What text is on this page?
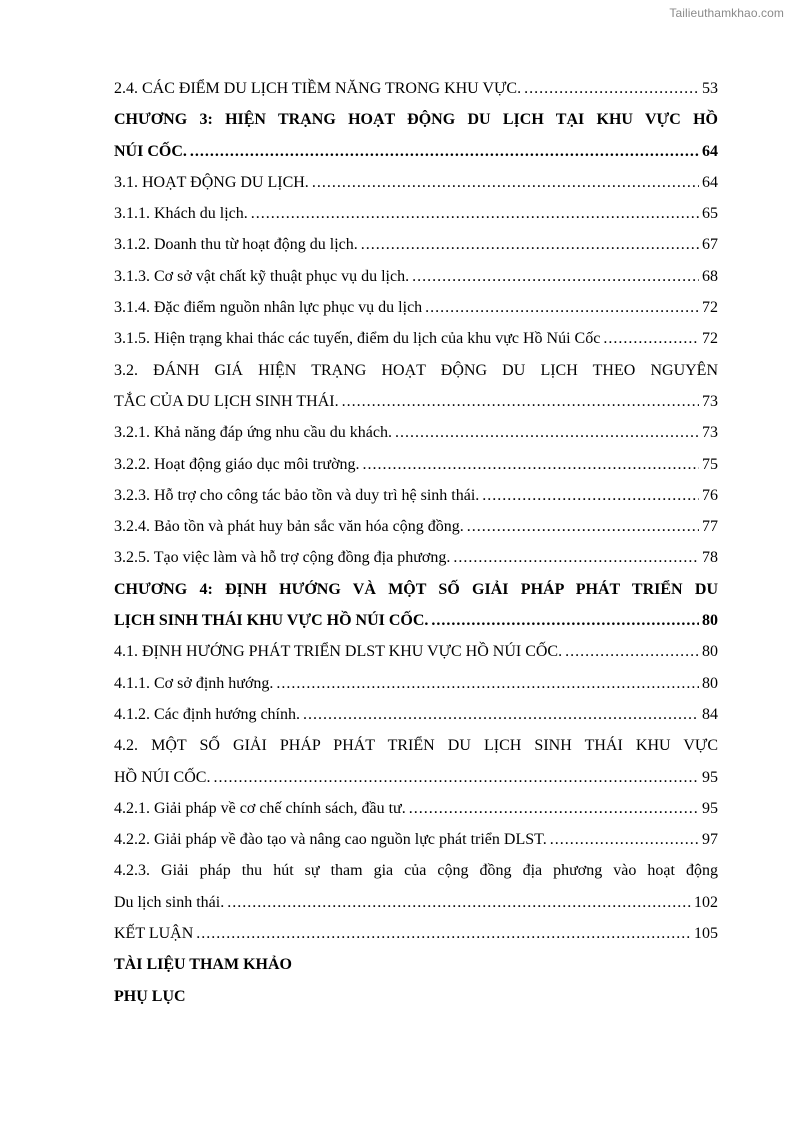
Tailieuthamkhao.com
2.4. CÁC ĐIỂM DU LỊCH TIỀM NĂNG TRONG KHU VỰC. .....	53
CHƯƠNG 3: HIỆN TRẠNG HOẠT ĐỘNG DU LỊCH TẠI KHU VỰC HỒ
NÚI CỐC. .....	64
3.1. HOẠT ĐỘNG DU LỊCH. .....	64
3.1.1. Khách du lịch. .....	65
3.1.2. Doanh thu từ hoạt động du lịch. .....	67
3.1.3. Cơ sở vật chất kỹ thuật phục vụ du lịch. .....	68
3.1.4. Đặc điểm nguồn nhân lực phục vụ du lịch .....	72
3.1.5. Hiện trạng khai thác các tuyến, điểm du lịch của khu vực Hồ Núi Cốc .....	72
3.2. ĐÁNH GIÁ HIỆN TRẠNG HOẠT ĐỘNG DU LỊCH THEO NGUYÊN
TẮC CỦA DU LỊCH SINH THÁI. .....	73
3.2.1. Khả năng đáp ứng nhu cầu du khách. .....	73
3.2.2. Hoạt động giáo dục môi trường. .....	75
3.2.3. Hỗ trợ cho công tác bảo tồn và duy trì hệ sinh thái. .....	76
3.2.4. Bảo tồn và phát huy bản sắc văn hóa cộng đồng. .....	77
3.2.5. Tạo việc làm và hỗ trợ cộng đồng địa phương. .....	78
CHƯƠNG 4: ĐỊNH HƯỚNG VÀ MỘT SỐ GIẢI PHÁP PHÁT TRIỂN DU
LỊCH SINH THÁI KHU VỰC HỒ NÚI CỐC. .....	80
4.1. ĐỊNH HƯỚNG PHÁT TRIỂN DLST KHU VỰC HỒ NÚI CỐC. .....	80
4.1.1. Cơ sở định hướng. .....	80
4.1.2. Các định hướng chính. .....	84
4.2. MỘT SỐ GIẢI PHÁP PHÁT TRIỂN DU LỊCH SINH THÁI KHU VỰC
HỒ NÚI CỐC. .....	95
4.2.1. Giải pháp về cơ chế chính sách, đầu tư. .....	95
4.2.2. Giải pháp về đào tạo và nâng cao nguồn lực phát triển DLST. .....	97
4.2.3. Giải pháp thu hút sự tham gia của cộng đồng địa phương vào hoạt động
Du lịch sinh thái. .....	102
KẾT LUẬN .....	105
TÀI LIỆU THAM KHẢO
PHỤ LỤC
